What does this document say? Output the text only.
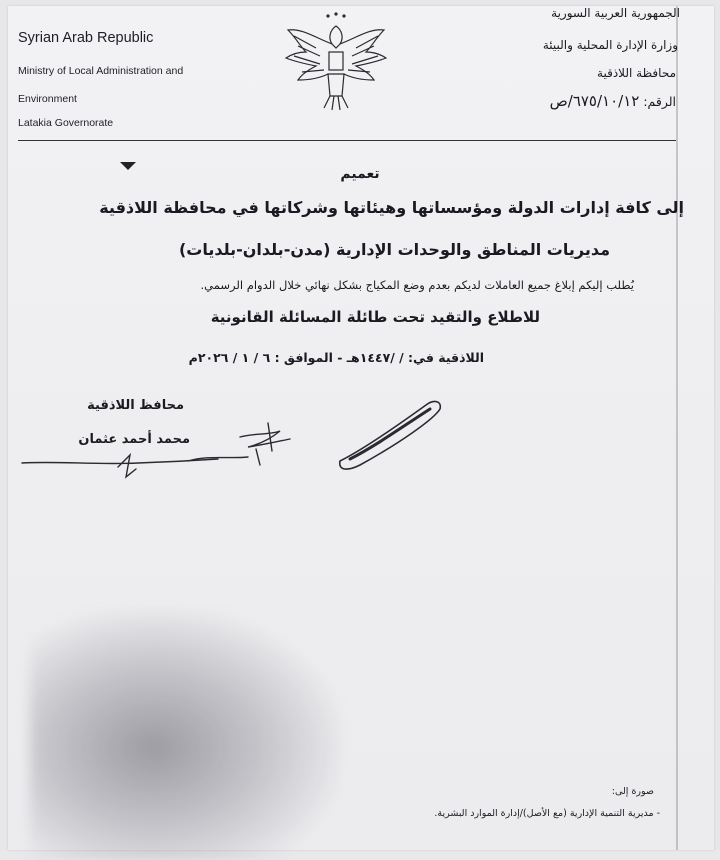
Syrian Arab Republic
Ministry of Local Administration and
Environment
Latakia Governorate
الجمهورية العربية السورية
وزارة الإدارة المحلية والبيئة
محافظة اللاذقية
الرقم: ٦٧٥/١٠/١٢/ص
تعميم
إلى كافة إدارات الدولة ومؤسساتها وهيئاتها وشركاتها في محافظة اللاذقية
مديريات المناطق والوحدات الإدارية (مدن-بلدان-بلديات)
يُطلب إليكم إبلاغ جميع العاملات لديكم بعدم وضع المكياج بشكل نهائي خلال الدوام الرسمي.
للاطلاع والتقيد تحت طائلة المسائلة القانونية
اللاذقية في: / /١٤٤٧هـ - الموافق : ٦ / ١ / ٢٠٢٦م
محافظ اللاذقية
محمد أحمد عثمان
صورة إلى:
- مديرية التنمية الإدارية (مع الأصل)/إدارة الموارد البشرية.
